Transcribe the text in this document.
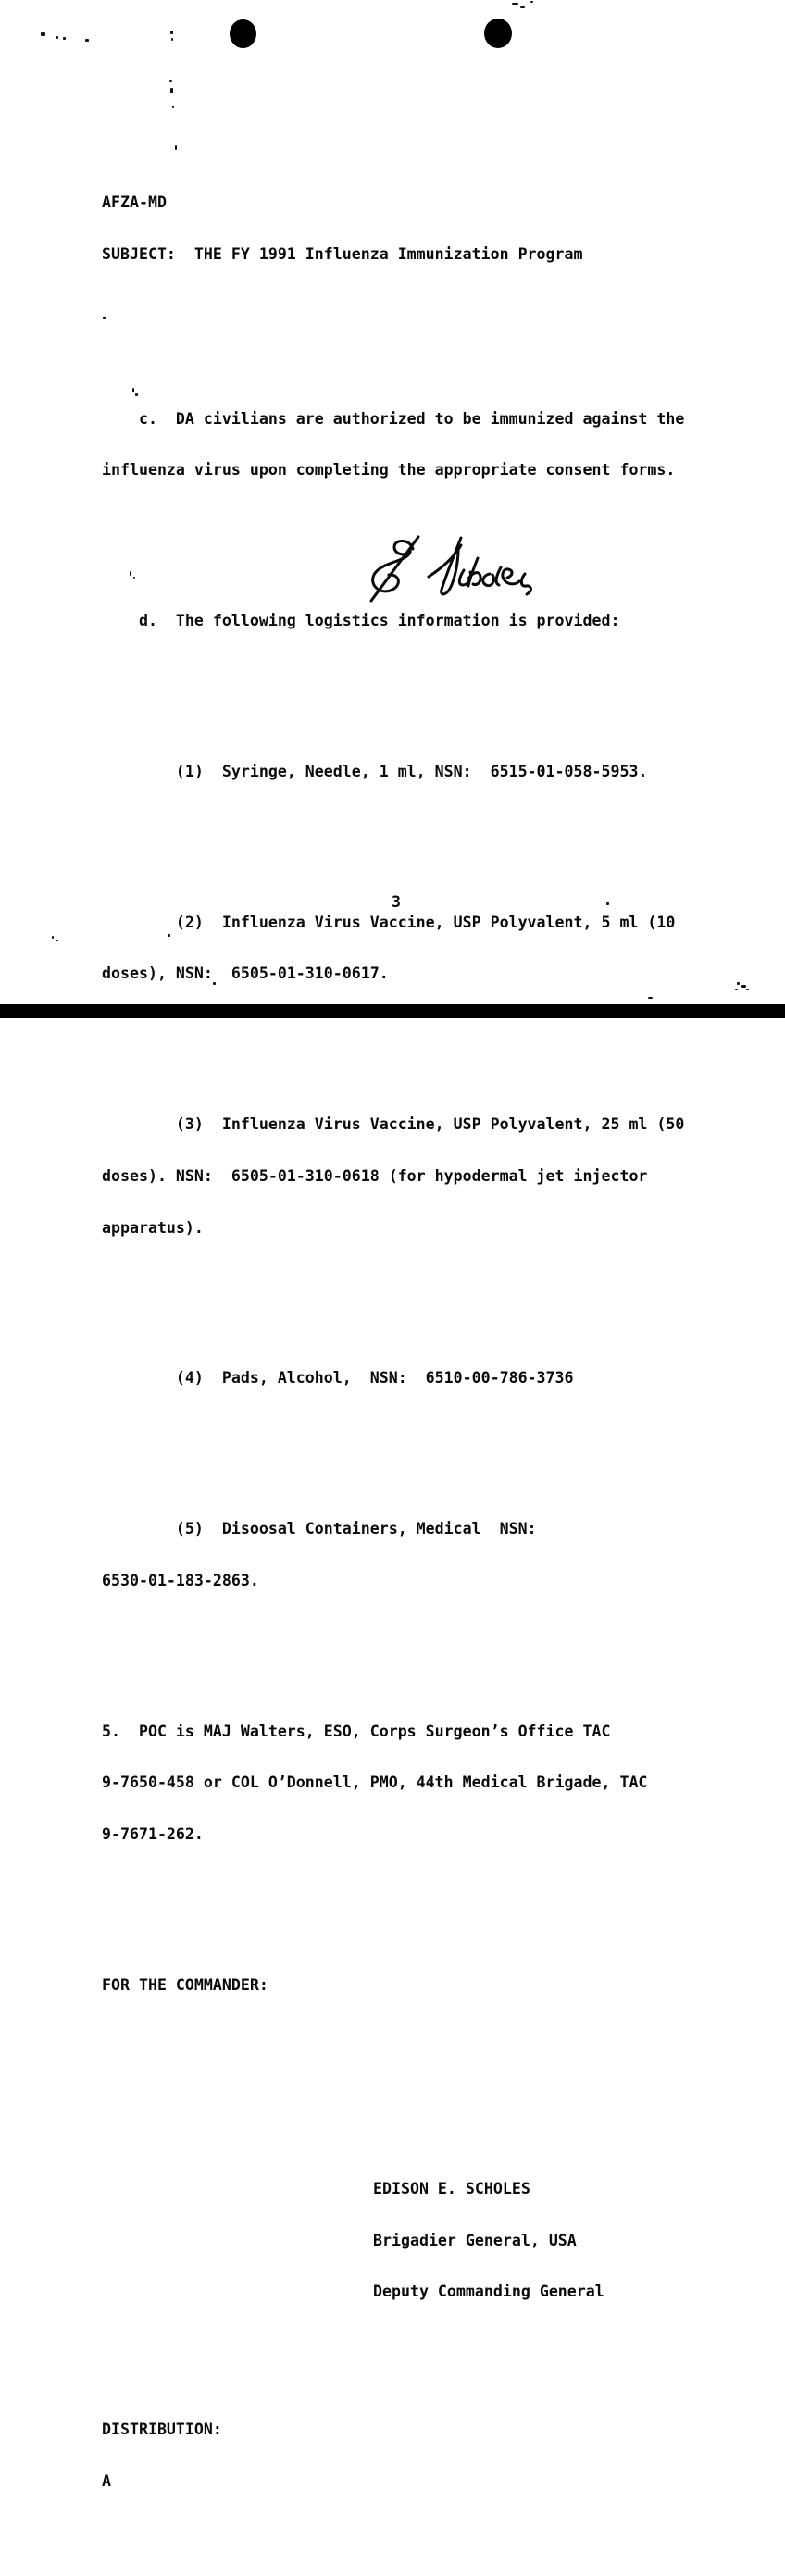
AFZA-MD

SUBJECT:  THE FY 1991 Influenza Immunization Program

c.  DA civilians are authorized to be immunized against the

influenza virus upon completing the appropriate consent forms.

d.  The following logistics information is provided:

(1)  Syringe, Needle, 1 ml, NSN:  6515-01-058-5953.

(2)  Influenza Virus Vaccine, USP Polyvalent, 5 ml (10

doses), NSN:  6505-01-310-0617.

(3)  Influenza Virus Vaccine, USP Polyvalent, 25 ml (50

doses). NSN:  6505-01-310-0618 (for hypodermal jet injector

apparatus).

(4)  Pads, Alcohol,  NSN:  6510-00-786-3736

(5)  Disoosal Containers, Medical  NSN:

6530-01-183-2863.

5.  POC is MAJ Walters, ESO, Corps Surgeon’s Office TAC

9-7650-458 or COL O’Donnell, PMO, 44th Medical Brigade, TAC

9-7671-262.

FOR THE COMMANDER:

EDISON E. SCHOLES

Brigadier General, USA

Deputy Commanding General

DISTRIBUTION:

A

3
